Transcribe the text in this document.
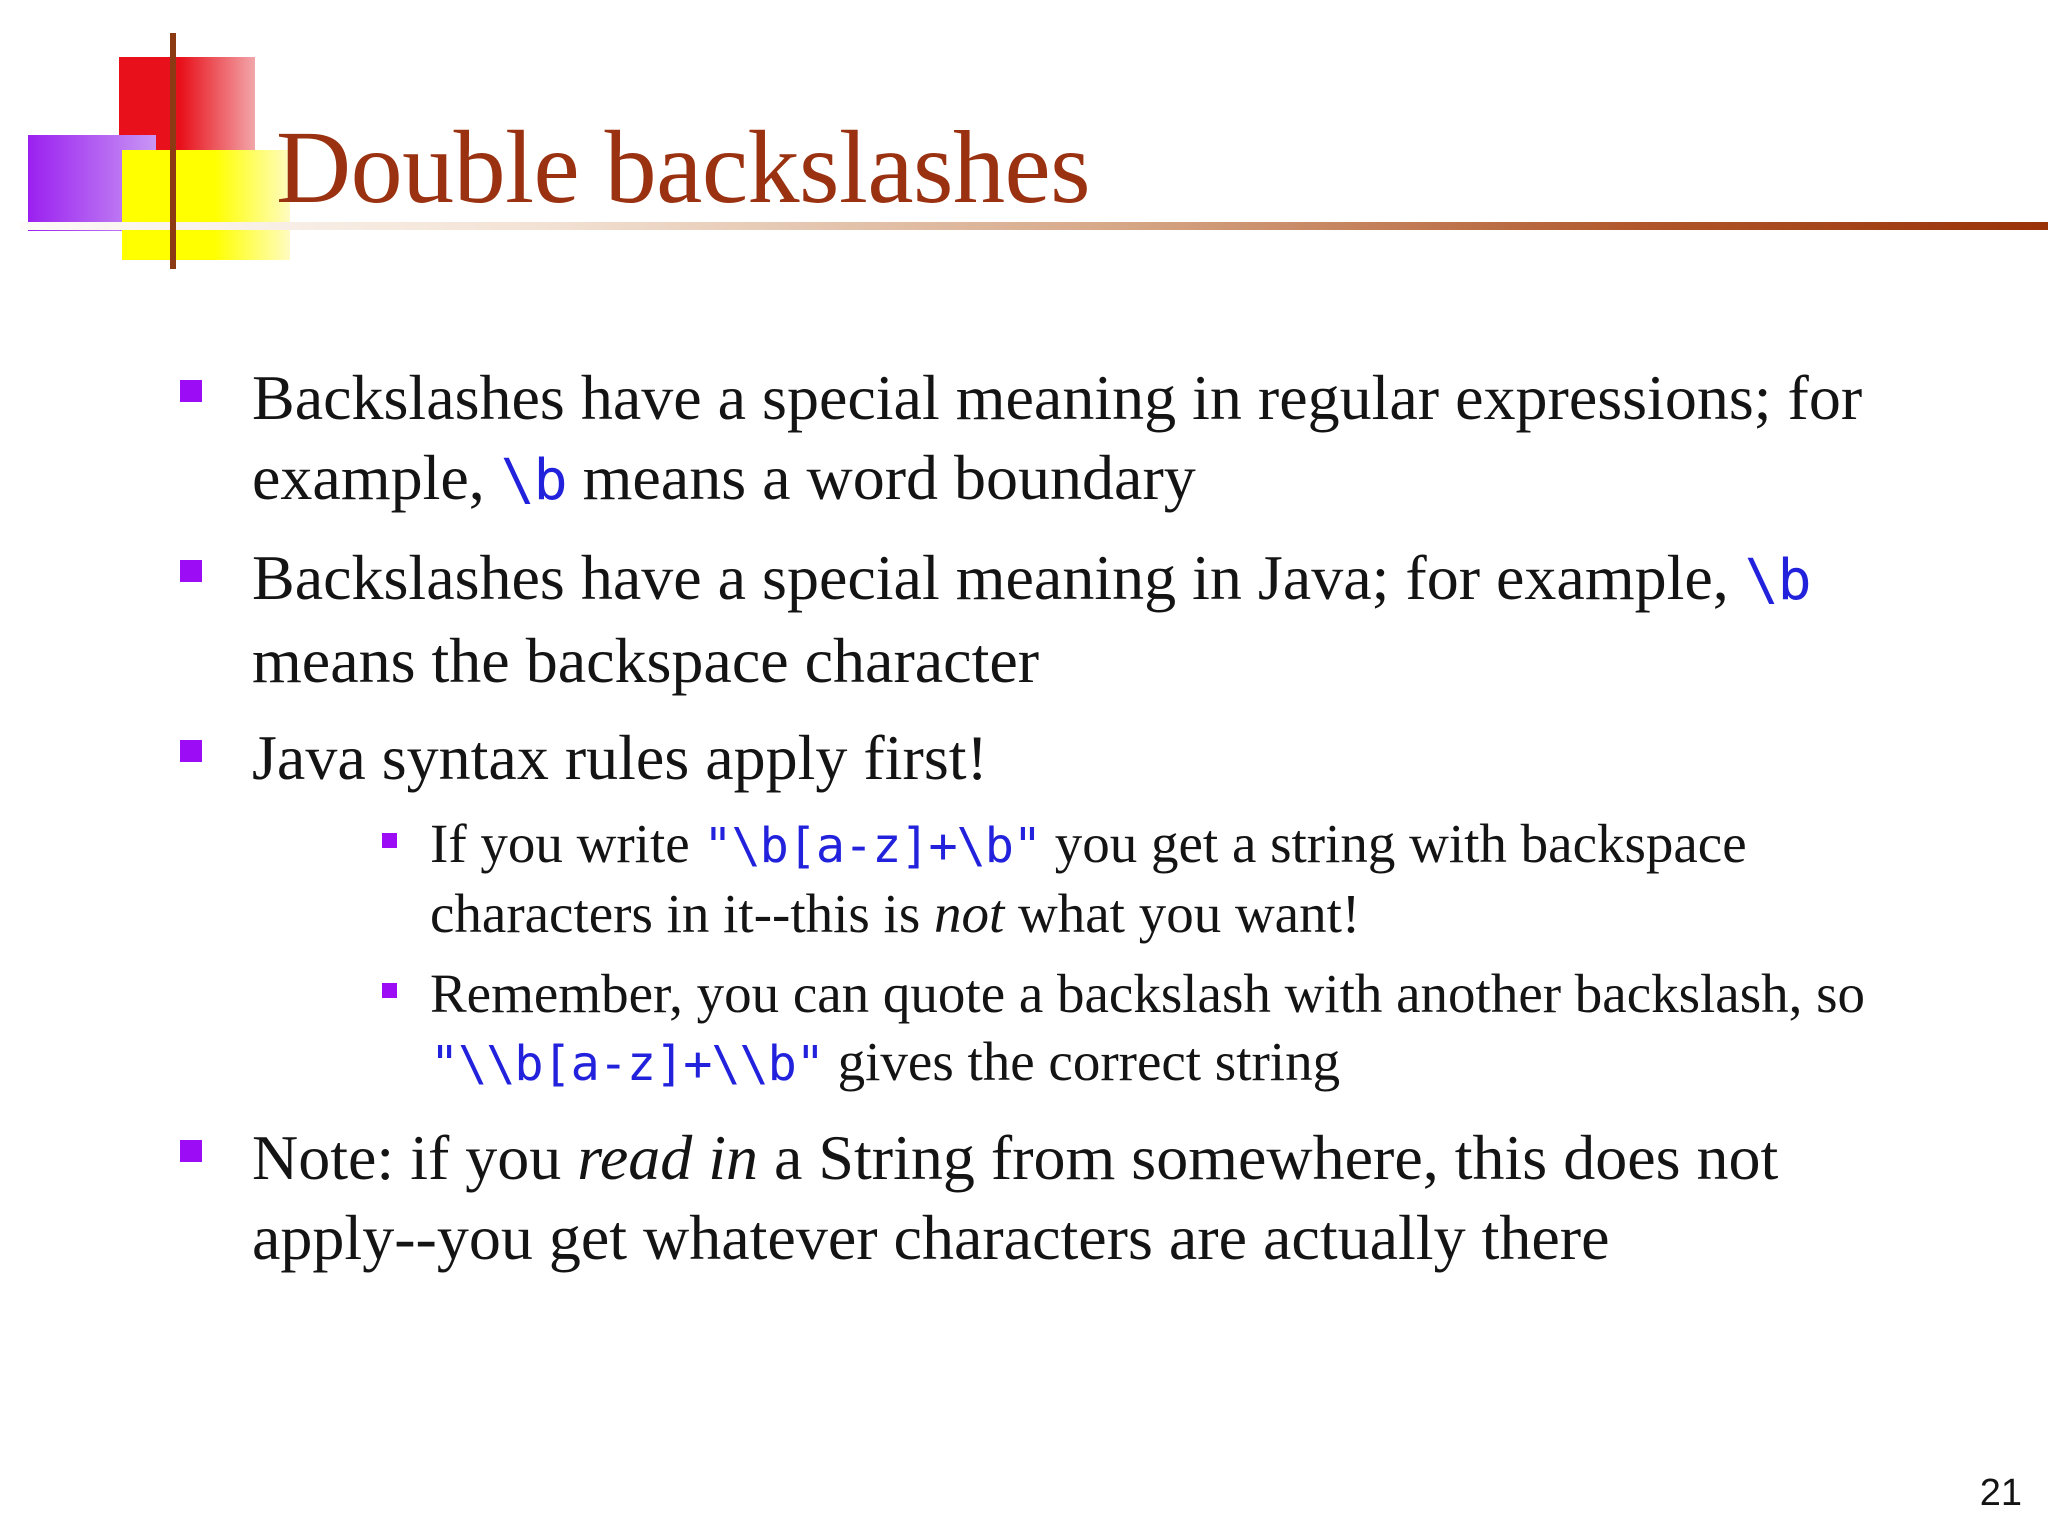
Double backslashes
Backslashes have a special meaning in regular expressions; for example, \b means a word boundary
Backslashes have a special meaning in Java; for example, \b means the backspace character
Java syntax rules apply first!
If you write "\b[a-z]+\b" you get a string with backspace characters in it--this is not what you want!
Remember, you can quote a backslash with another backslash, so "\\b[a-z]+\\b" gives the correct string
Note: if you read in a String from somewhere, this does not apply--you get whatever characters are actually there
21
